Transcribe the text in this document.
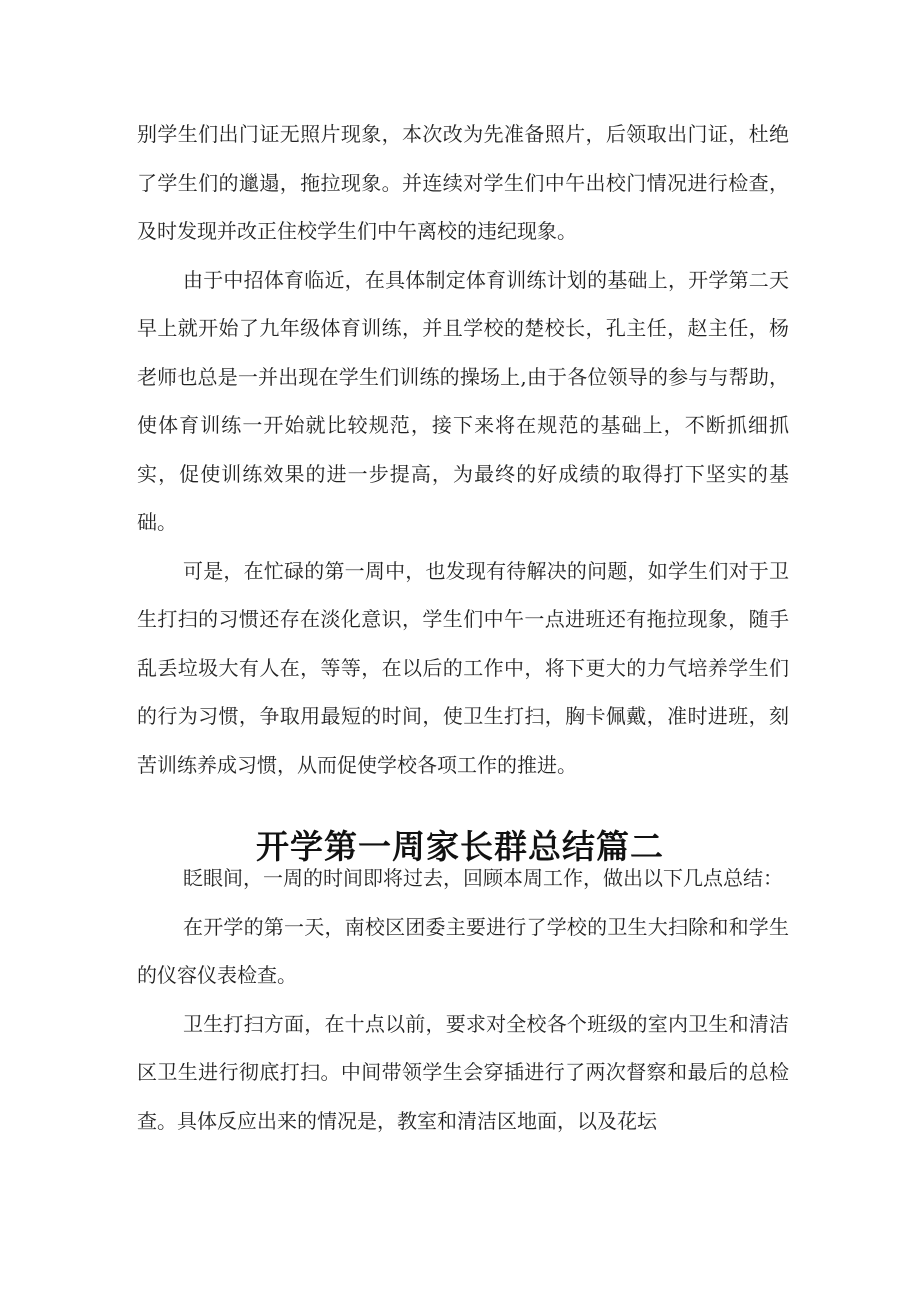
别学生们出门证无照片现象，本次改为先准备照片，后领取出门证，杜绝了学生们的邋遢，拖拉现象。并连续对学生们中午出校门情况进行检查，及时发现并改正住校学生们中午离校的违纪现象。

由于中招体育临近，在具体制定体育训练计划的基础上，开学第二天早上就开始了九年级体育训练，并且学校的楚校长，孔主任，赵主任，杨老师也总是一并出现在学生们训练的操场上,由于各位领导的参与与帮助，使体育训练一开始就比较规范，接下来将在规范的基础上，不断抓细抓实，促使训练效果的进一步提高，为最终的好成绩的取得打下坚实的基础。

可是，在忙碌的第一周中，也发现有待解决的问题，如学生们对于卫生打扫的习惯还存在淡化意识，学生们中午一点进班还有拖拉现象，随手乱丢垃圾大有人在，等等，在以后的工作中，将下更大的力气培养学生们的行为习惯，争取用最短的时间，使卫生打扫，胸卡佩戴，准时进班，刻苦训练养成习惯，从而促使学校各项工作的推进。

开学第一周家长群总结篇二

眨眼间，一周的时间即将过去，回顾本周工作，做出以下几点总结：

在开学的第一天，南校区团委主要进行了学校的卫生大扫除和和学生的仪容仪表检查。

卫生打扫方面，在十点以前，要求对全校各个班级的室内卫生和清洁区卫生进行彻底打扫。中间带领学生会穿插进行了两次督察和最后的总检查。具体反应出来的情况是，教室和清洁区地面，以及花坛
